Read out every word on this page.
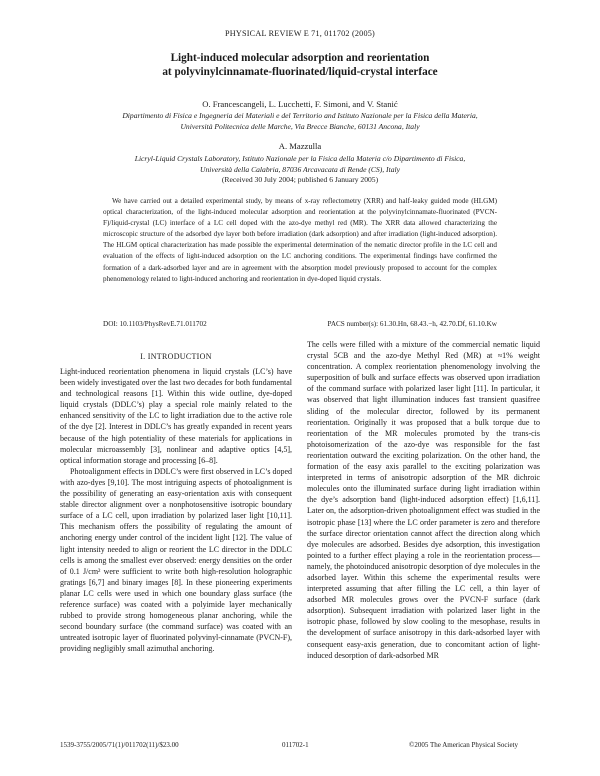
PHYSICAL REVIEW E 71, 011702 (2005)
Light-induced molecular adsorption and reorientation
at polyvinylcinnamate-fluorinated/liquid-crystal interface
O. Francescangeli, L. Lucchetti, F. Simoni, and V. Stanić
Dipartimento di Fisica e Ingegneria dei Materiali e del Territorio and Istituto Nazionale per la Fisica della Materia,
Università Politecnica delle Marche, Via Brecce Bianche, 60131 Ancona, Italy
A. Mazzulla
Licryl-Liquid Crystals Laboratory, Istituto Nazionale per la Fisica della Materia c/o Dipartimento di Fisica,
Università della Calabria, 87036 Arcavacata di Rende (CS), Italy
(Received 30 July 2004; published 6 January 2005)
We have carried out a detailed experimental study, by means of x-ray reflectometry (XRR) and half-leaky guided mode (HLGM) optical characterization, of the light-induced molecular adsorption and reorientation at the polyvinylcinnamate-fluorinated (PVCN-F)/liquid-crystal (LC) interface of a LC cell doped with the azo-dye methyl red (MR). The XRR data allowed characterizing the microscopic structure of the adsorbed dye layer both before irradiation (dark adsorption) and after irradiation (light-induced adsorption). The HLGM optical characterization has made possible the experimental determination of the nematic director profile in the LC cell and evaluation of the effects of light-induced adsorption on the LC anchoring conditions. The experimental findings have confirmed the formation of a dark-adsorbed layer and are in agreement with the absorption model previously proposed to account for the complex phenomenology related to light-induced anchoring and reorientation in dye-doped liquid crystals.
DOI: 10.1103/PhysRevE.71.011702	PACS number(s): 61.30.Hn, 68.43.−h, 42.70.Df, 61.10.Kw
I. INTRODUCTION

Light-induced reorientation phenomena in liquid crystals (LC’s) have been widely investigated over the last two decades for both fundamental and technological reasons [1]. Within this wide outline, dye-doped liquid crystals (DDLC’s) play a special role mainly related to the enhanced sensitivity of the LC to light irradiation due to the active role of the dye [2]. Interest in DDLC’s has greatly expanded in recent years because of the high potentiality of these materials for applications in molecular microassembly [3], nonlinear and adaptive optics [4,5], optical information storage and processing [6–8].

Photoalignment effects in DDLC’s were first observed in LC’s doped with azo-dyes [9,10]. The most intriguing aspects of photoalignment is the possibility of generating an easy-orientation axis with consequent stable director alignment over a nonphotosensitive isotropic boundary surface of a LC cell, upon irradiation by polarized laser light [10,11]. This mechanism offers the possibility of regulating the amount of anchoring energy under control of the incident light [12]. The value of light intensity needed to align or reorient the LC director in the DDLC cells is among the smallest ever observed: energy densities on the order of 0.1 J/cm² were sufficient to write both high-resolution holographic gratings [6,7] and binary images [8]. In these pioneering experiments planar LC cells were used in which one boundary glass surface (the reference surface) was coated with a polyimide layer mechanically rubbed to provide strong homogeneous planar anchoring, while the second boundary surface (the command surface) was coated with an untreated isotropic layer of fluorinated polyvinyl-cinnamate (PVCN-F), providing negligibly small azimuthal anchoring.

The cells were filled with a mixture of the commercial nematic liquid crystal 5CB and the azo-dye Methyl Red (MR) at ≈1% weight concentration. A complex reorientation phenomenology involving the superposition of bulk and surface effects was observed upon irradiation of the command surface with polarized laser light [11]. In particular, it was observed that light illumination induces fast transient quasifree sliding of the molecular director, followed by its permanent reorientation. Originally it was proposed that a bulk torque due to reorientation of the MR molecules promoted by the trans-cis photoisomerization of the azo-dye was responsible for the fast reorientation outward the exciting polarization. On the other hand, the formation of the easy axis parallel to the exciting polarization was interpreted in terms of anisotropic adsorption of the MR dichroic molecules onto the illuminated surface during light irradiation within the dye’s adsorption band (light-induced adsorption effect) [1,6,11]. Later on, the adsorption-driven photoalignment effect was studied in the isotropic phase [13] where the LC order parameter is zero and therefore the surface director orientation cannot affect the direction along which dye molecules are adsorbed. Besides dye adsorption, this investigation pointed to a further effect playing a role in the reorientation process—namely, the photoinduced anisotropic desorption of dye molecules in the adsorbed layer. Within this scheme the experimental results were interpreted assuming that after filling the LC cell, a thin layer of adsorbed MR molecules grows over the PVCN-F surface (dark adsorption). Subsequent irradiation with polarized laser light in the isotropic phase, followed by slow cooling to the mesophase, results in the development of surface anisotropy in this dark-adsorbed layer with consequent easy-axis generation, due to concomitant action of light-induced desorption of dark-adsorbed MR

1539-3755/2005/71(1)/011702(11)/$23.00	011702-1	©2005 The American Physical Society
